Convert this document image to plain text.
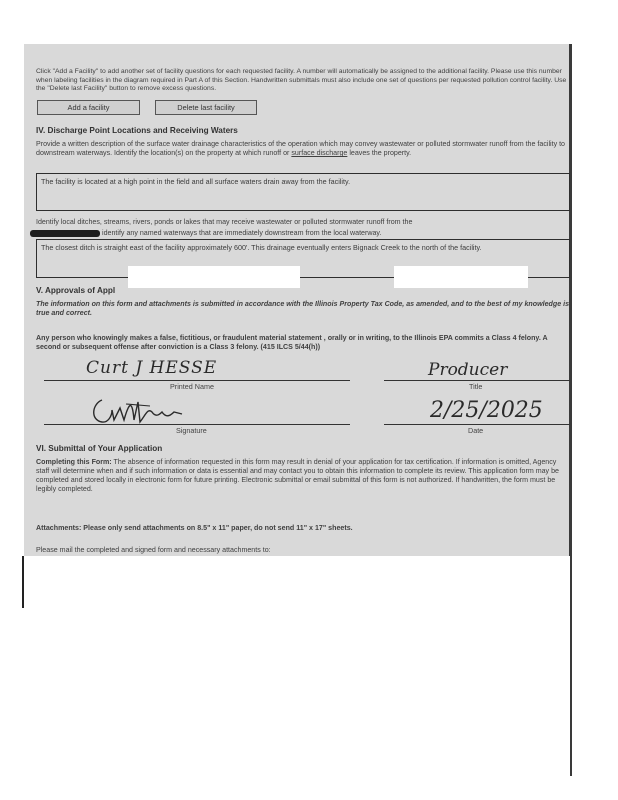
Click "Add a Facility" to add another set of facility questions for each requested facility. A number will automatically be assigned to the additional facility. Please use this number when labeling facilities in the diagram required in Part A of this Section. Handwritten submittals must also include one set of questions per requested pollution control facility. Use the "Delete last Facility" button to remove excess questions.
Add a facility	Delete last facility
IV. Discharge Point Locations and Receiving Waters
Provide a written description of the surface water drainage characteristics of the operation which may convey wastewater or polluted stormwater runoff from the facility to downstream waterways. Identify the location(s) on the property at which runoff or surface discharge leaves the property.
The facility is located at a high point in the field and all surface waters drain away from the facility.
Identify local ditches, streams, rivers, ponds or lakes that may receive wastewater or polluted stormwater runoff from the
identify any named waterways that are immediately downstream from the local waterway.
The closest ditch is straight east of the facility approximately 600'. This drainage eventually enters Bignack Creek to the north of the facility.
V. Approvals of Appl
The information on this form and attachments is submitted in accordance with the Illinois Property Tax Code, as amended, and to the best of my knowledge is true and correct.
Any person who knowingly makes a false, fictitious, or fraudulent material statement , orally or in writing, to the Illinois EPA commits a Class 4 felony. A second or subsequent offense after conviction is a Class 3 felony. (415 ILCS 5/44(h))
Curt J HESSE
Printed Name
Producer
Title
Signature
2/25/2025
Date
VI. Submittal of Your Application
Completing this Form: The absence of information requested in this form may result in denial of your application for tax certification. If information is omitted, Agency staff will determine when and if such information or data is essential and may contact you to obtain this information to complete its review. This application form may be completed and stored locally in electronic form for future printing. Electronic submittal or email submittal of this form is not authorized. If handwritten, the form must be legibly completed.
Attachments: Please only send attachments on 8.5" x 11" paper, do not send 11" x 17" sheets.
Please mail the completed and signed form and necessary attachments to:
